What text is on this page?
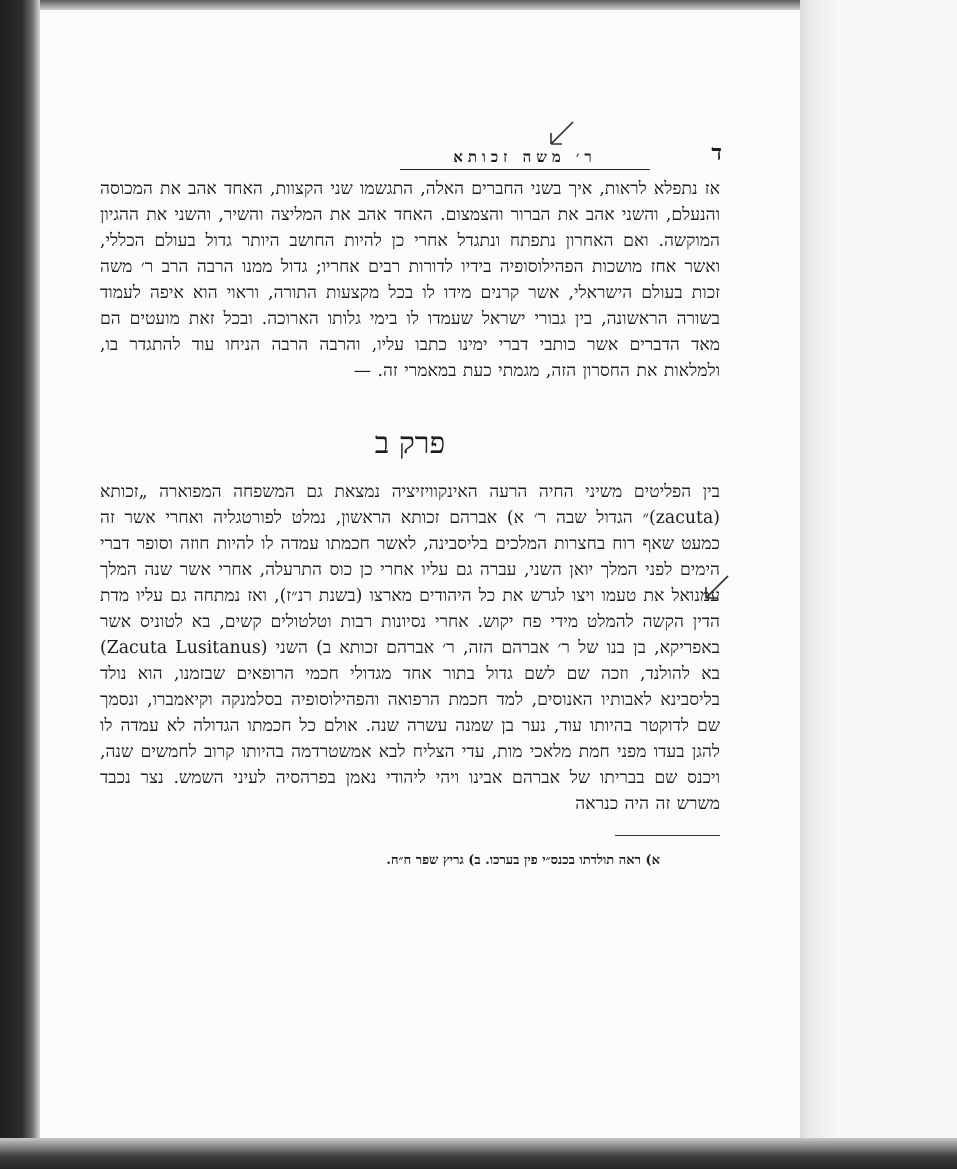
ד
ר׳ משה זכותא

אז נתפלא לראות, איך בשני החברים האלה, התגשמו שני הקצוות, האחד אהב את המכוסה והנעלם, והשני אהב את הברור והצמצום. האחד אהב את המליצה והשיר, והשני את ההגיון המוקשה. ואם האחרון נתפתח ונתגדל אחרי כן להיות החושב היותר גדול בעולם הכללי, ואשר אחז מושכות הפהילוסופיה בידיו לדורות רבים אחריו; גדול ממנו הרבה הרב ר׳ משה זכות בעולם הישראלי, אשר קרנים מידו לו בכל מקצעות התורה, וראוי הוא איפה לעמוד בשורה הראשונה, בין גבורי ישראל שעמדו לו בימי גלותו הארוכה. ובכל זאת מועטים הם מאד הדברים אשר כותבי דברי ימינו כתבו עליו, והרבה הרבה הניחו עוד להתגדר בו, ולמלאות את החסרון הזה, מגמתי כעת במאמרי זה. —

פרק ב

בין הפליטים משיני החיה הרעה האינקוויזיציה נמצאת גם המשפחה המפוארה „זכותא (zacuta)״ הגדול שבה ר׳ א) אברהם זכותא הראשון, נמלט לפורטגליה ואחרי אשר זה כמעט שאף רוח בחצרות המלכים בליסבינה, לאשר חכמתו עמדה לו להיות חוזה וסופר דברי הימים לפני המלך יואן השני, עברה גם עליו אחרי כן כוס התרעלה, אחרי אשר שנה המלך עמנואל את טעמו ויצו לגרש את כל היהודים מארצו (בשנת רנ״ז), ואז נמתחה גם עליו מדת הדין הקשה להמלט מידי פח יקוש. אחרי נסיונות רבות וטלטולים קשים, בא לטוניס אשר באפריקא, בן בנו של ר׳ אברהם הזה, ר׳ אברהם זכותא ב) השני (Zacuta Lusitanus) בא להולנד, וזכה שם לשם גדול בתור אחד מגדולי חכמי הרופאים שבזמנו, הוא נולד בליסבינא לאבותיו האנוסים, למד חכמת הרפואה והפהילוסופיה בסלמנקה וקיאמברו, ונסמך שם לדוקטר בהיותו עוד, נער בן שמנה עשרה שנה. אולם כל חכמתו הגדולה לא עמדה לו להגן בעדו מפני חמת מלאכי מות, עדי הצליח לבא אמשטרדמה בהיותו קרוב לחמשים שנה, ויכנס שם בבריתו של אברהם אבינו ויהי ליהודי נאמן בפרהסיה לעיני השמש. נצר נכבד משרש זה היה כנראה

א) ראה תולדתו בכנס״י פין בערכו. ב) גריץ שפר ח״ח.
